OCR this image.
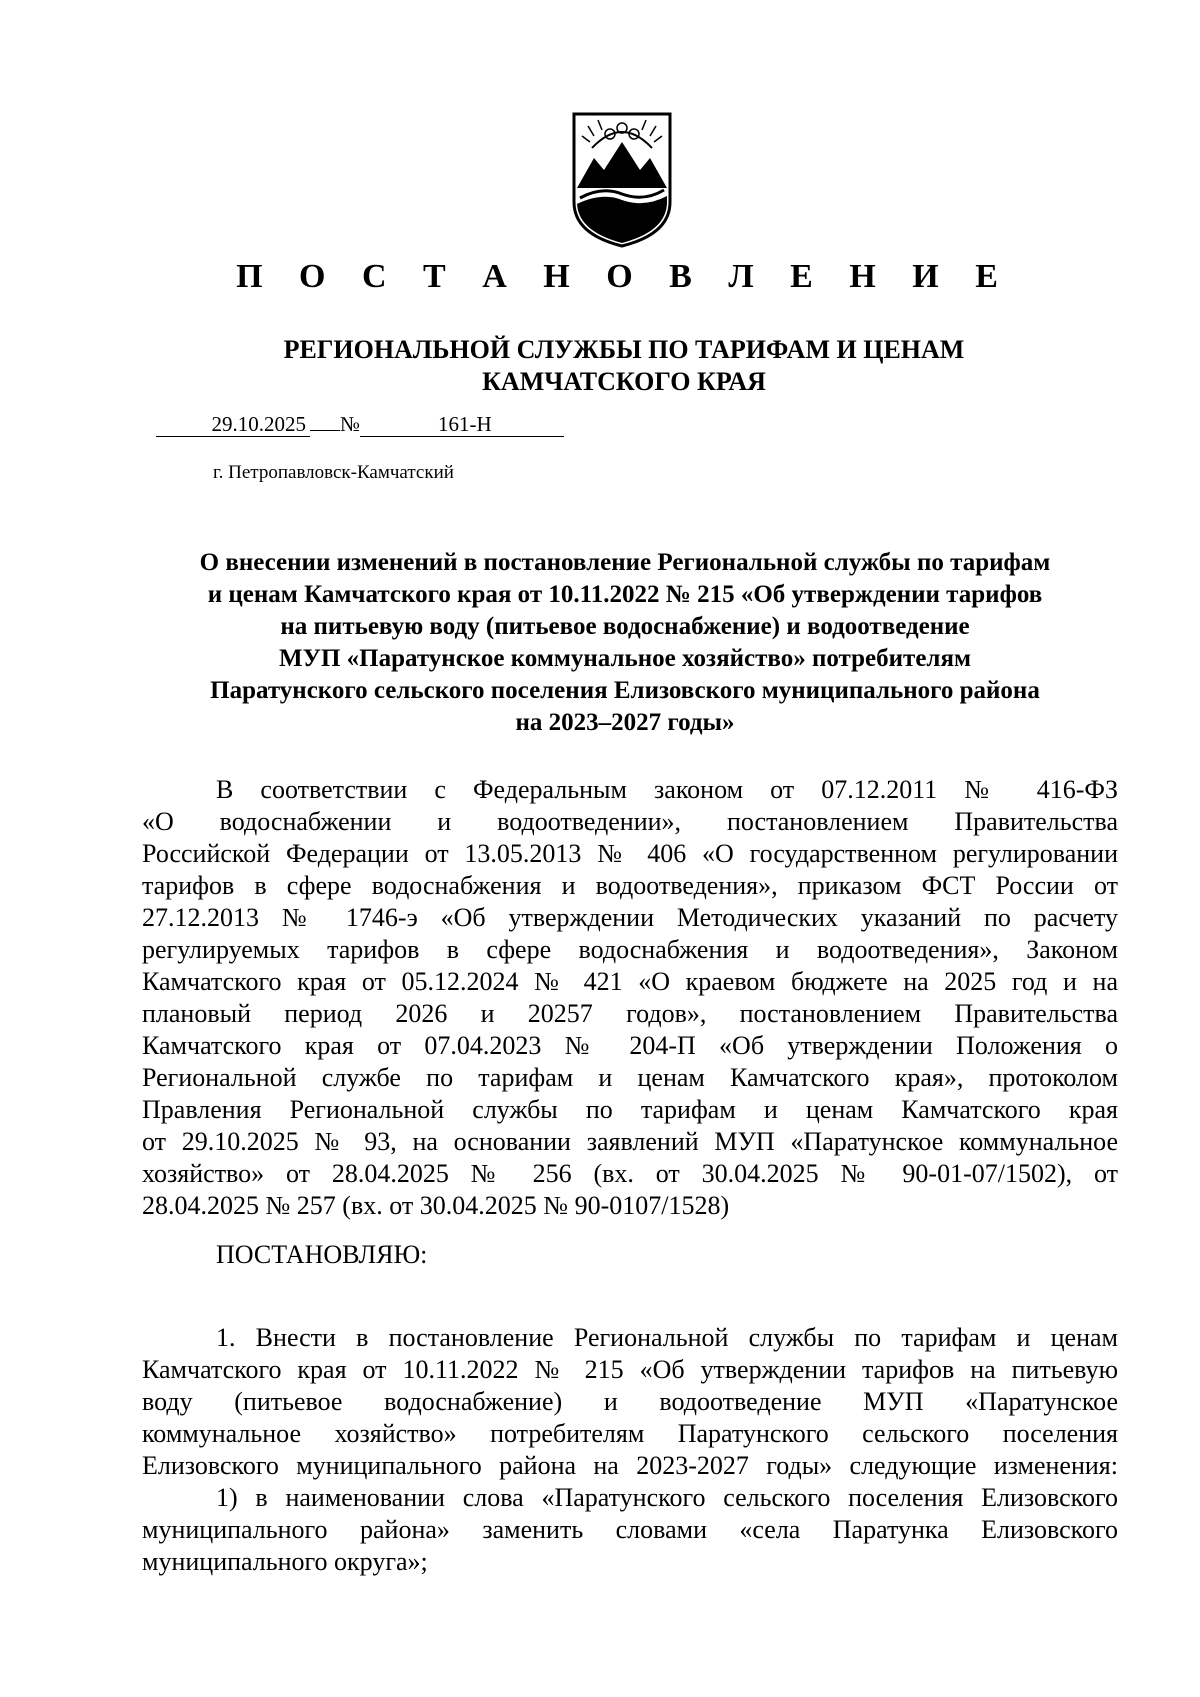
П О С Т А Н О В Л Е Н И Е
РЕГИОНАЛЬНОЙ СЛУЖБЫ ПО ТАРИФАМ И ЦЕНАМ
КАМЧАТСКОГО КРАЯ
29.10.2025 №	161-Н
г. Петропавловск-Камчатский
О внесении изменений в постановление Региональной службы по тарифам
и ценам Камчатского края от 10.11.2022 № 215 «Об утверждении тарифов
на питьевую воду (питьевое водоснабжение) и водоотведение
МУП «Паратунское коммунальное хозяйство» потребителям
Паратунского сельского поселения Елизовского муниципального района
на 2023–2027 годы»
В соответствии с Федеральным законом от 07.12.2011 № 416-ФЗ
«О водоснабжении и водоотведении», постановлением Правительства
Российской Федерации от 13.05.2013 № 406 «О государственном регулировании
тарифов в сфере водоснабжения и водоотведения», приказом ФСТ России от
27.12.2013 № 1746-э «Об утверждении Методических указаний по расчету
регулируемых тарифов в сфере водоснабжения и водоотведения», Законом
Камчатского края от 05.12.2024 № 421 «О краевом бюджете на 2025 год и на
плановый период 2026 и 20257 годов», постановлением Правительства
Камчатского края от 07.04.2023 № 204-П «Об утверждении Положения о
Региональной службе по тарифам и ценам Камчатского края», протоколом
Правления Региональной службы по тарифам и ценам Камчатского края
от 29.10.2025 № 93, на основании заявлений МУП «Паратунское коммунальное
хозяйство» от 28.04.2025 № 256 (вх. от 30.04.2025 № 90-01-07/1502), от
28.04.2025 № 257 (вх. от 30.04.2025 № 90-0107/1528)
ПОСТАНОВЛЯЮ:
1. Внести в постановление Региональной службы по тарифам и ценам
Камчатского края от 10.11.2022 № 215 «Об утверждении тарифов на питьевую
воду (питьевое водоснабжение) и водоотведение МУП «Паратунское
коммунальное хозяйство» потребителям Паратунского сельского поселения
Елизовского муниципального района на 2023-2027 годы» следующие изменения:
1) в наименовании слова «Паратунского сельского поселения Елизовского
муниципального района» заменить словами «села Паратунка Елизовского
муниципального округа»;
